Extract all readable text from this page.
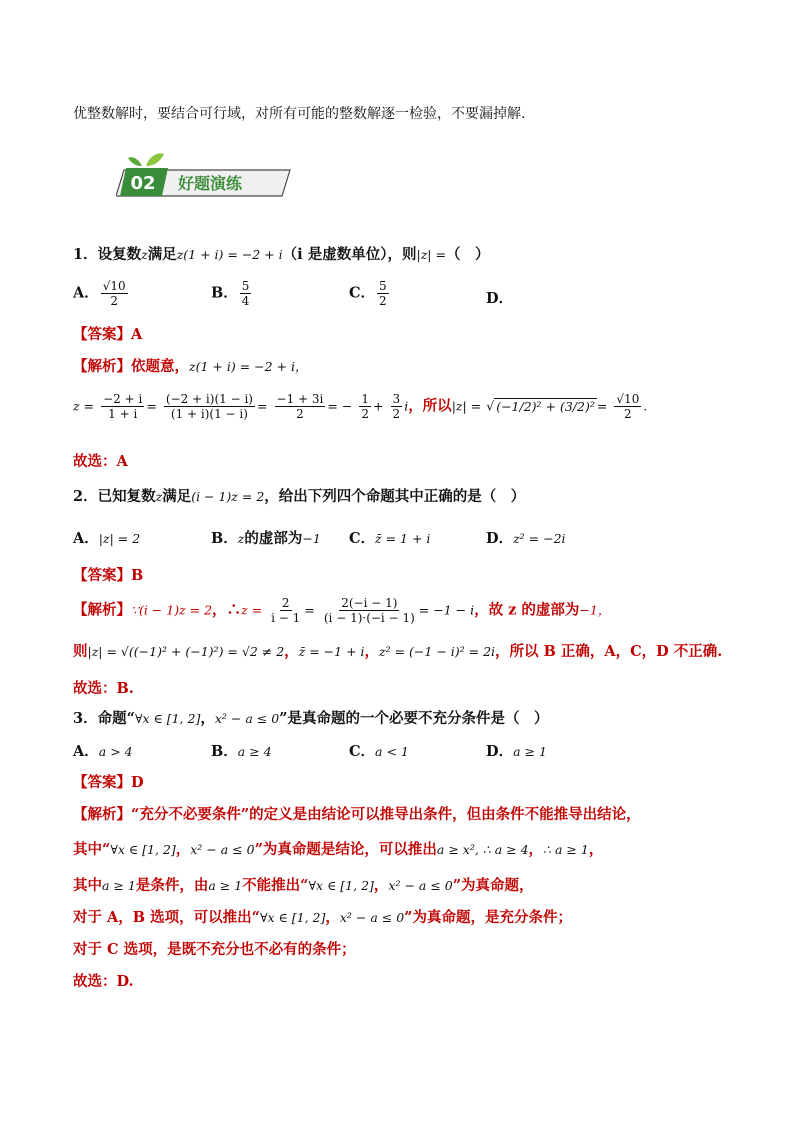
优整数解时，要结合可行域，对所有可能的整数解逐一检验，不要漏掉解.
02 好题演练
1．设复数z满足z(1 + i) = −2 + i（i 是虚数单位），则|z| =（　）
A． $\frac{√10}{2}$	B． $\frac{5}{4}$	C． $\frac{5}{2}$	D．
【答案】A
【解析】依题意，z(1 + i) = −2 + i，
$z = \frac{-2 + i}{1 + i} = \frac{(-2 + i)(1 - i)}{(1 + i)(1 - i)} = \frac{-1 + 3i}{2}$ = − $\frac{1}{2} + \frac{3}{2}$ i，所以|z| = √ $(-1/2)^2 + (3/2)^2 = \frac{√10}{2}$ .
故选：A
2．已知复数z满足(i − 1)z = 2，给出下列四个命题其中正确的是（　）
A．|z| = 2	B．z的虚部为−1 C．z̄ = 1 + i	D．z² = −2i
【答案】B
【解析】∵(i − 1)z = 2，∴z = $\frac{2}{i - 1} = \frac{2(-i - 1)}{(i - 1)\cdot(-i - 1)} = -1 - i$，故 z 的虚部为−1，
则|z| = √((−1)² + (−1)²) = √2 ≠ 2，z̄ = −1 + i，z² = (−1 − i)² = 2i，所以 B 正确，A，C，D 不正确.
故选：B.
3．命题“∀x ∈ [1, 2]，x² − a ≤ 0”是真命题的一个必要不充分条件是（　）
A．a > 4	B．a ≥ 4	C．a < 1	D．a ≥ 1
【答案】D
【解析】“充分不必要条件”的定义是由结论可以推导出条件，但由条件不能推导出结论，
其中“∀x ∈ [1, 2]，x² − a ≤ 0”为真命题是结论，可以推出a ≥ x², ∴ a ≥ 4，∴ a ≥ 1，
其中a ≥ 1是条件，由a ≥ 1不能推出“∀x ∈ [1, 2]，x² − a ≤ 0”为真命题，
对于 A，B 选项，可以推出“∀x ∈ [1, 2]，x² − a ≤ 0”为真命题，是充分条件；
对于 C 选项，是既不充分也不必有的条件；
故选：D.
